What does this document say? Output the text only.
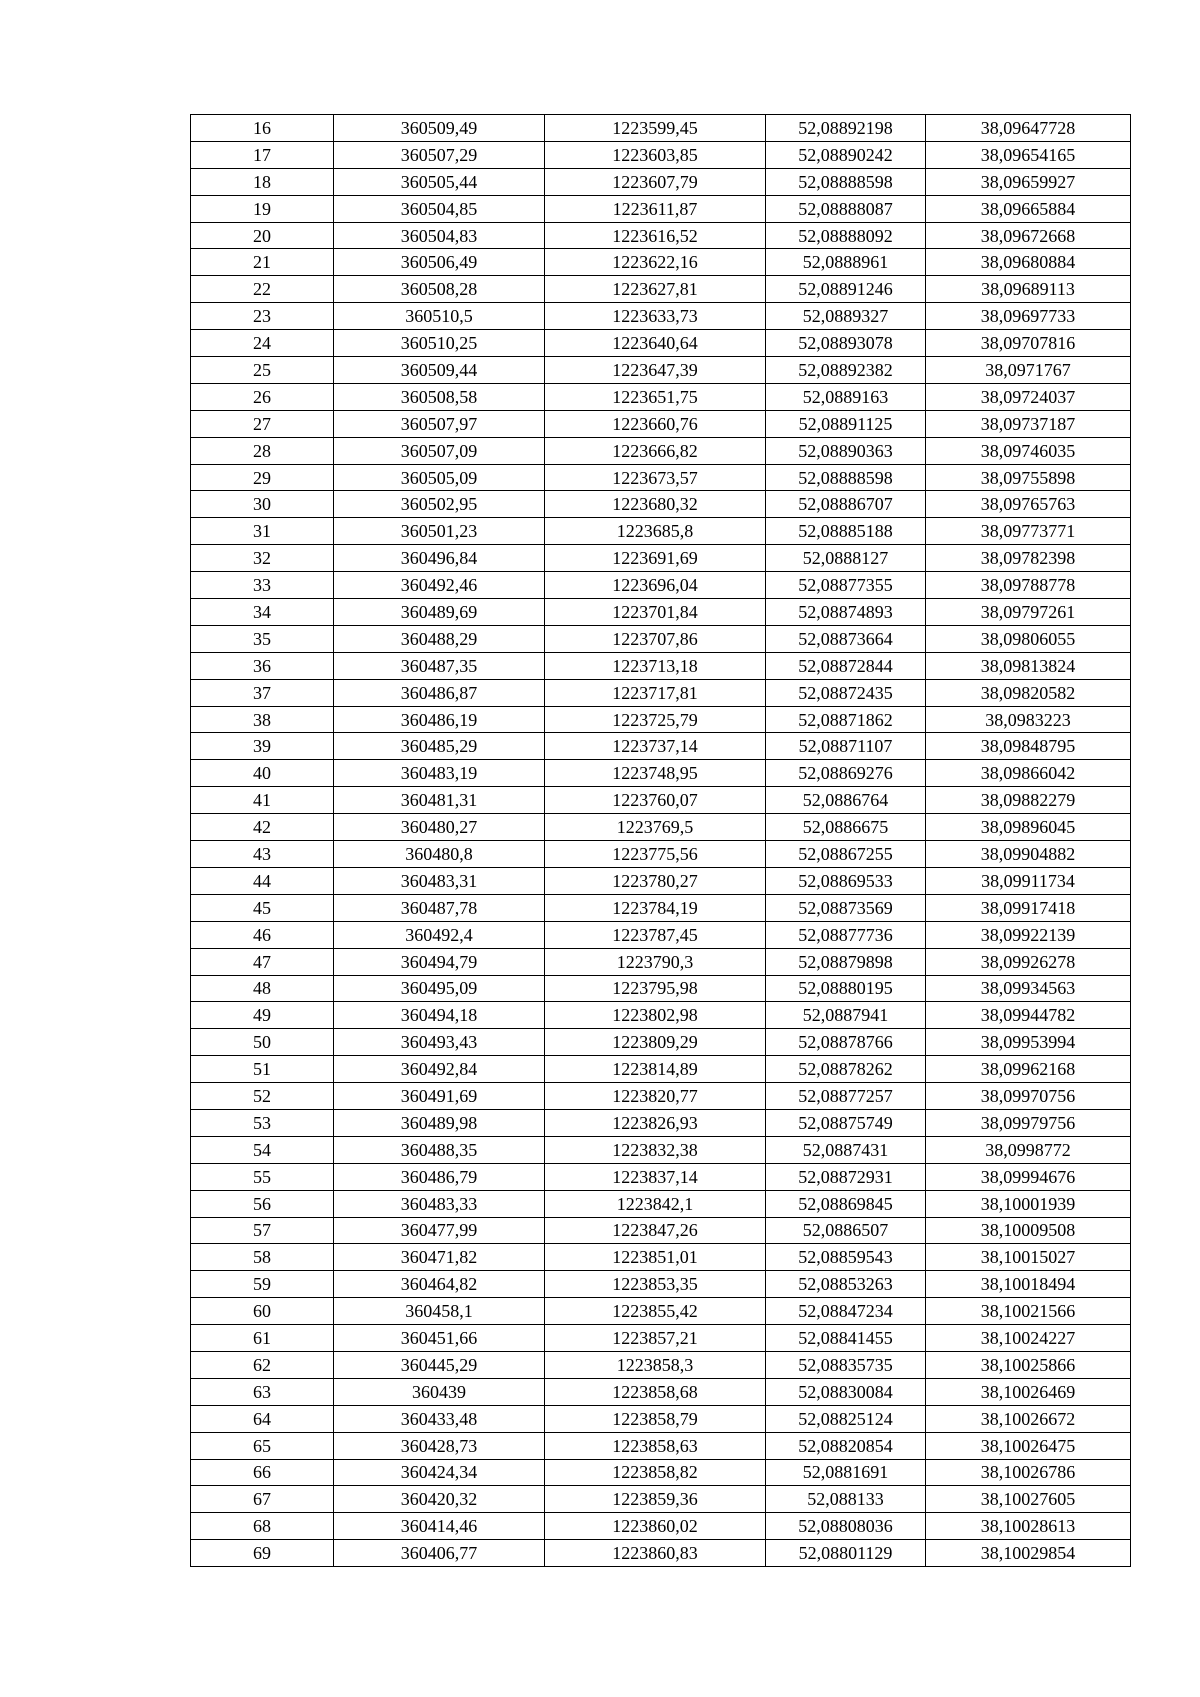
16	360509,49	1223599,45	52,08892198	38,09647728
17	360507,29	1223603,85	52,08890242	38,09654165
18	360505,44	1223607,79	52,08888598	38,09659927
19	360504,85	1223611,87	52,08888087	38,09665884
20	360504,83	1223616,52	52,08888092	38,09672668
21	360506,49	1223622,16	52,0888961	38,09680884
22	360508,28	1223627,81	52,08891246	38,09689113
23	360510,5	1223633,73	52,0889327	38,09697733
24	360510,25	1223640,64	52,08893078	38,09707816
25	360509,44	1223647,39	52,08892382	38,0971767
26	360508,58	1223651,75	52,0889163	38,09724037
27	360507,97	1223660,76	52,08891125	38,09737187
28	360507,09	1223666,82	52,08890363	38,09746035
29	360505,09	1223673,57	52,08888598	38,09755898
30	360502,95	1223680,32	52,08886707	38,09765763
31	360501,23	1223685,8	52,08885188	38,09773771
32	360496,84	1223691,69	52,0888127	38,09782398
33	360492,46	1223696,04	52,08877355	38,09788778
34	360489,69	1223701,84	52,08874893	38,09797261
35	360488,29	1223707,86	52,08873664	38,09806055
36	360487,35	1223713,18	52,08872844	38,09813824
37	360486,87	1223717,81	52,08872435	38,09820582
38	360486,19	1223725,79	52,08871862	38,0983223
39	360485,29	1223737,14	52,08871107	38,09848795
40	360483,19	1223748,95	52,08869276	38,09866042
41	360481,31	1223760,07	52,0886764	38,09882279
42	360480,27	1223769,5	52,0886675	38,09896045
43	360480,8	1223775,56	52,08867255	38,09904882
44	360483,31	1223780,27	52,08869533	38,09911734
45	360487,78	1223784,19	52,08873569	38,09917418
46	360492,4	1223787,45	52,08877736	38,09922139
47	360494,79	1223790,3	52,08879898	38,09926278
48	360495,09	1223795,98	52,08880195	38,09934563
49	360494,18	1223802,98	52,0887941	38,09944782
50	360493,43	1223809,29	52,08878766	38,09953994
51	360492,84	1223814,89	52,08878262	38,09962168
52	360491,69	1223820,77	52,08877257	38,09970756
53	360489,98	1223826,93	52,08875749	38,09979756
54	360488,35	1223832,38	52,0887431	38,0998772
55	360486,79	1223837,14	52,08872931	38,09994676
56	360483,33	1223842,1	52,08869845	38,10001939
57	360477,99	1223847,26	52,0886507	38,10009508
58	360471,82	1223851,01	52,08859543	38,10015027
59	360464,82	1223853,35	52,08853263	38,10018494
60	360458,1	1223855,42	52,08847234	38,10021566
61	360451,66	1223857,21	52,08841455	38,10024227
62	360445,29	1223858,3	52,08835735	38,10025866
63	360439	1223858,68	52,08830084	38,10026469
64	360433,48	1223858,79	52,08825124	38,10026672
65	360428,73	1223858,63	52,08820854	38,10026475
66	360424,34	1223858,82	52,0881691	38,10026786
67	360420,32	1223859,36	52,088133	38,10027605
68	360414,46	1223860,02	52,08808036	38,10028613
69	360406,77	1223860,83	52,08801129	38,10029854
